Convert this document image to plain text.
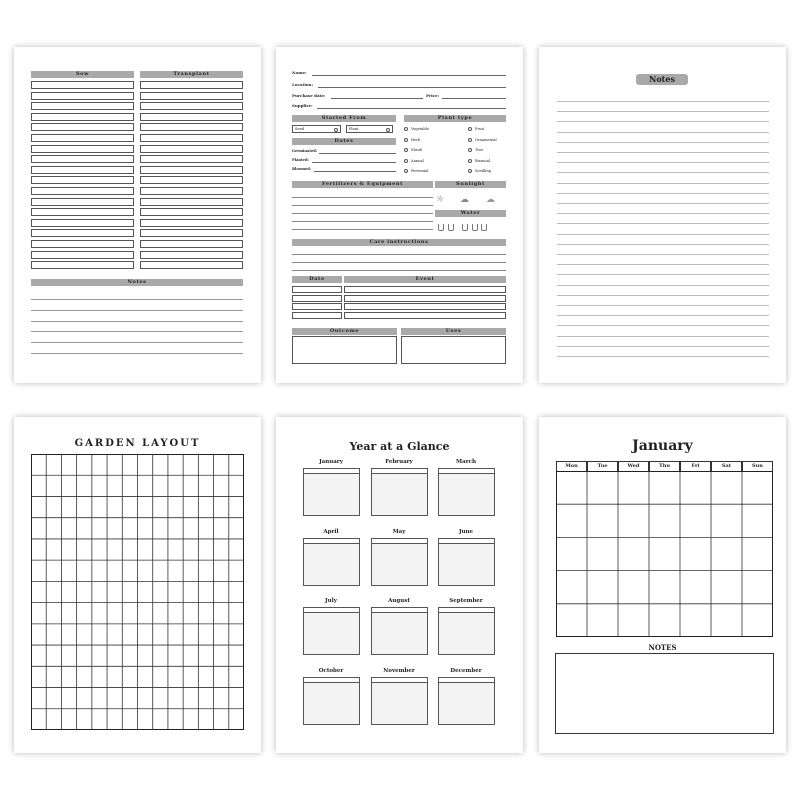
Sow	Transplant
Notes
Name:
Location:
Purchase date:	Price:
Supplier:
Started From
Seed	Plant
Dates
Germinated:
Planted:
Bloomed:
Plant type
Vegetable
Herb
Shrub
Annual
Perennial
Fruit
Ornamental
Tree
Biennial
Seedling
Fertilizers & Equipment	Sunlight
☼ ☁ ☁
Water
Care instructions
Date	Event
Outcome	Uses
Notes
GARDEN LAYOUT	Year at a Glance
January	February	March
April	May	June
July	August	September
October	November	December
January
Mon	Tue	Wed	Thu	Fri	Sat	Sun
NOTES
